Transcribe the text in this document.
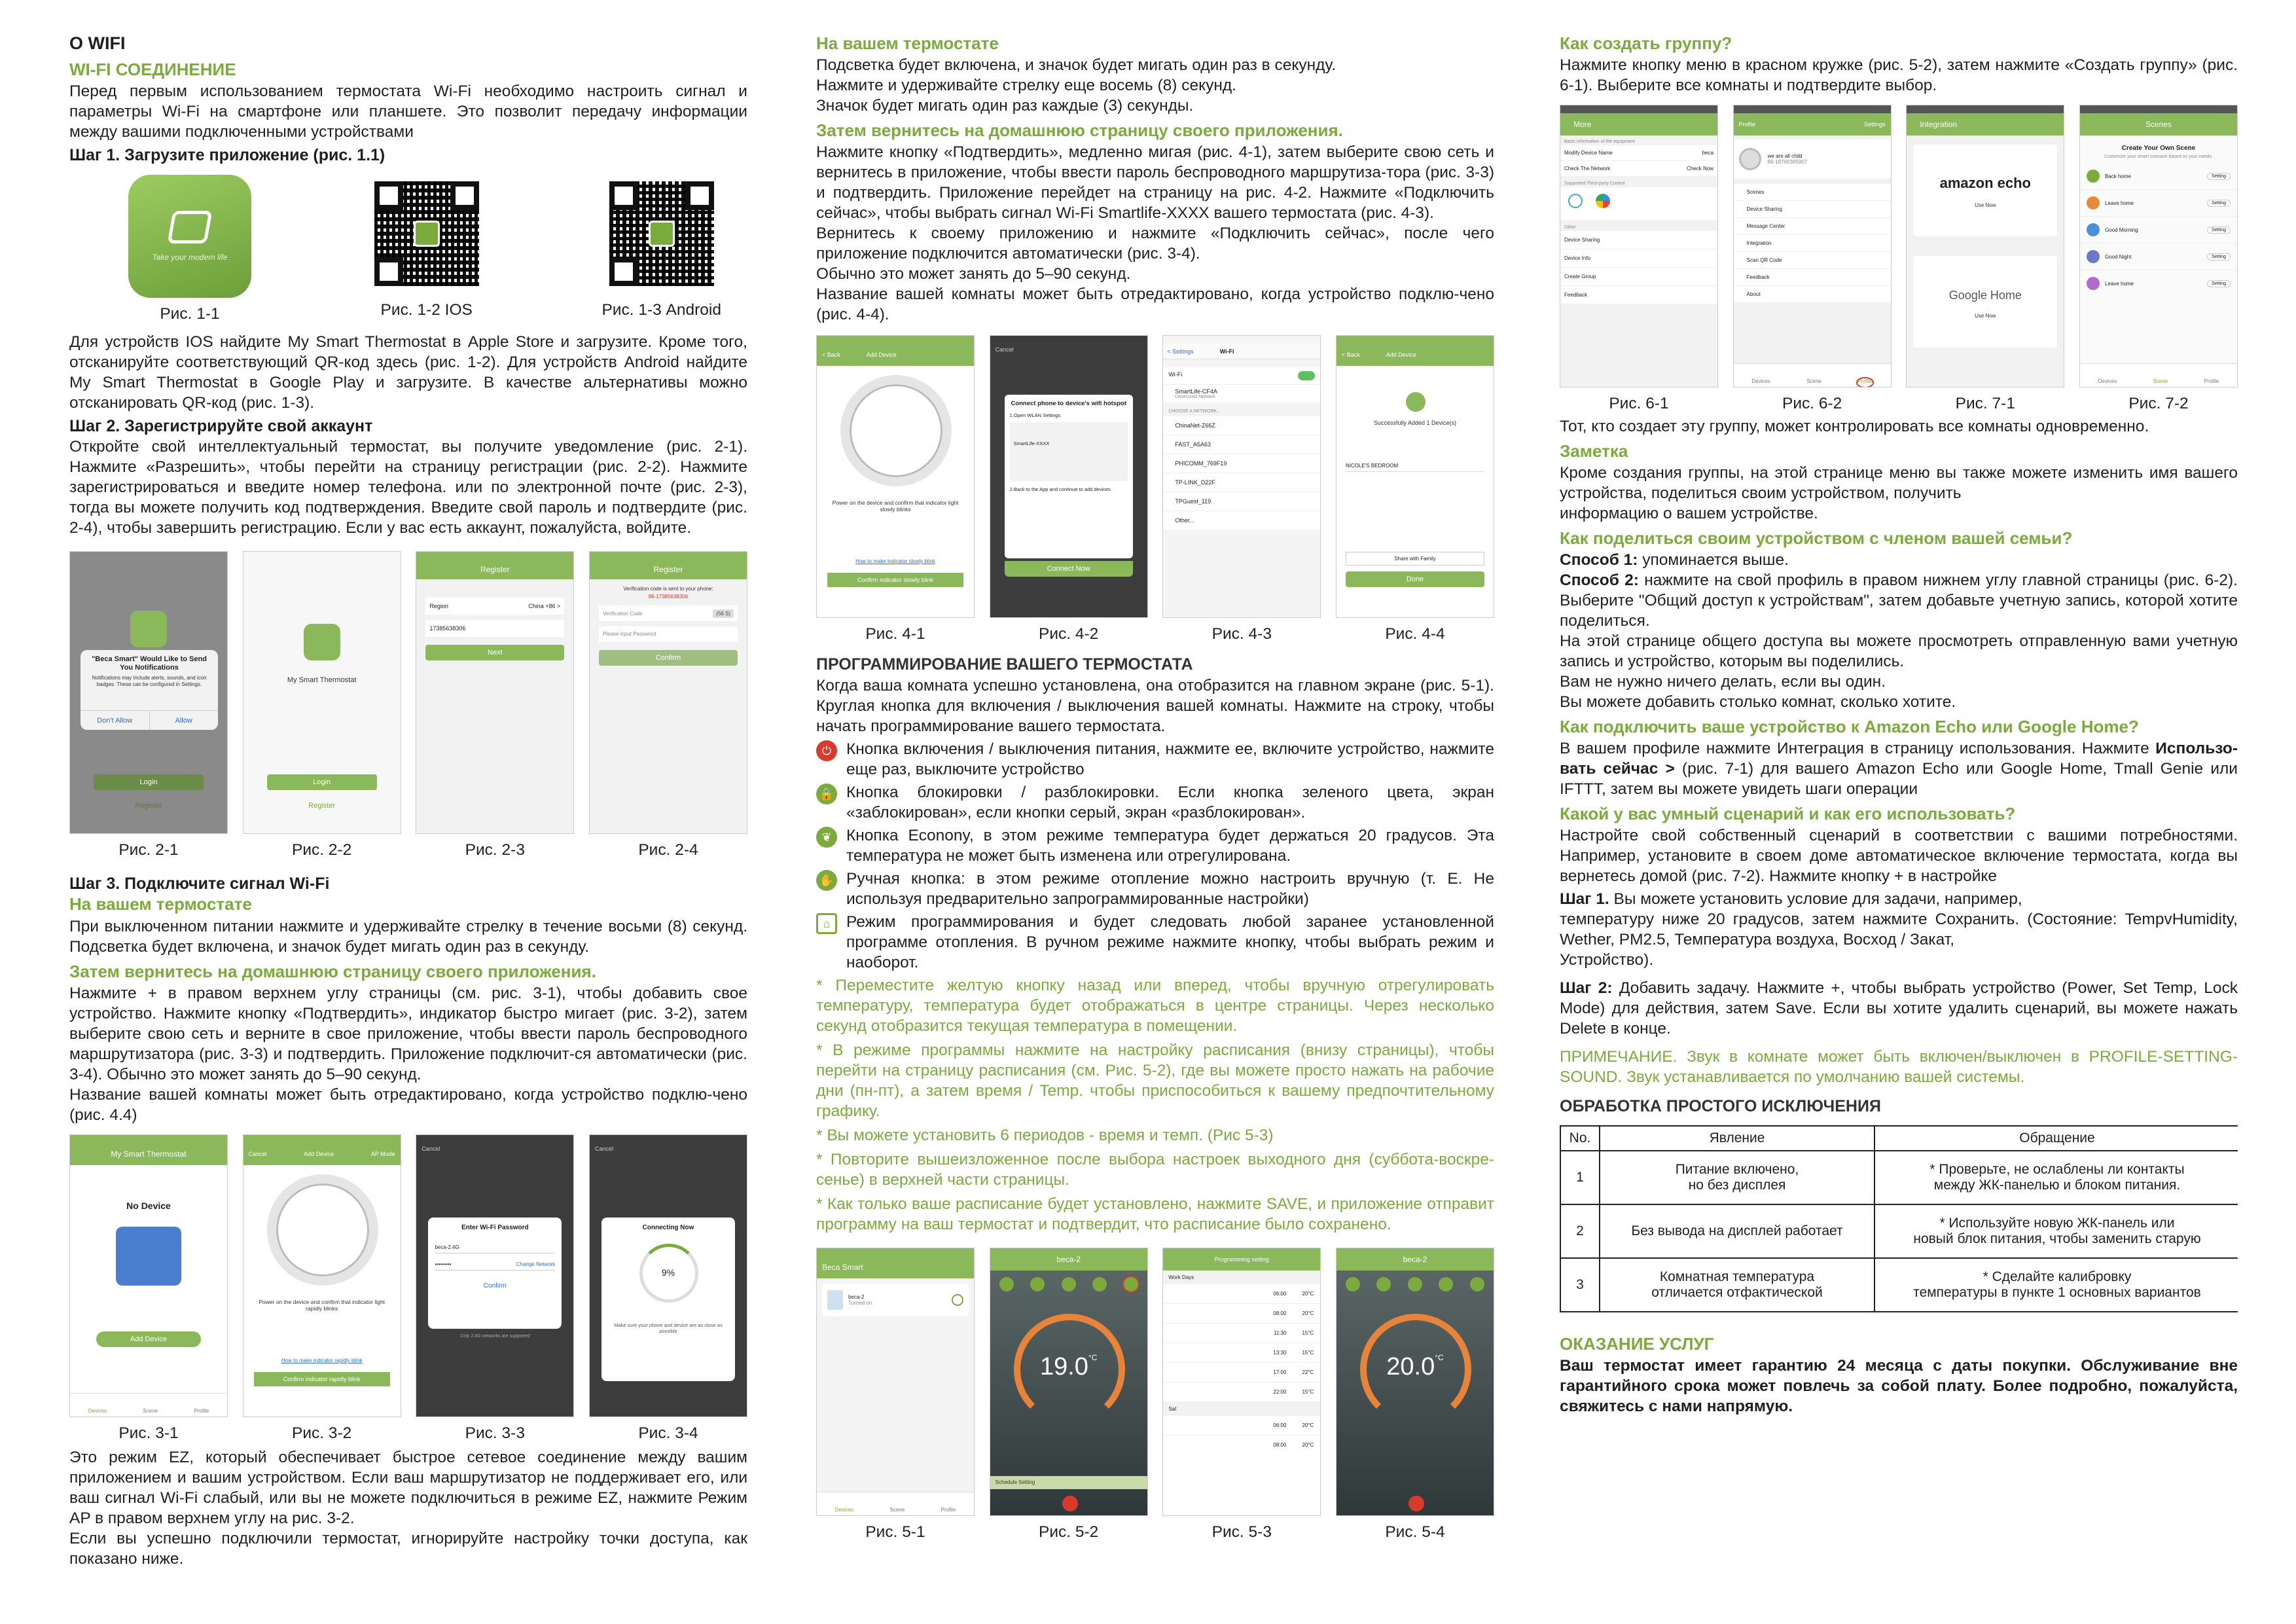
О WIFI
WI-FI СОЕДИНЕНИЕ
Перед первым использованием термостата Wi-Fi необходимо настроить сигнал и параметры Wi-Fi на смартфоне или планшете. Это позволит передачу информации между вашими подключенными устройствами
Шаг 1. Загрузите приложение (рис. 1.1)
Take your modern life
Рис. 1-1	Рис. 1-2 IOS	Рис. 1-3 Android
Для устройств IOS найдите My Smart Thermostat в Apple Store и загрузите. Кроме того, отсканируйте соответствующий QR-код здесь (рис. 1-2). Для устройств Android найдите My Smart Thermostat в Google Play и загрузите. В качестве альтернативы можно отсканировать QR-код (рис. 1-3).
Шаг 2. Зарегистрируйте свой аккаунт
Откройте свой интеллектуальный термостат, вы получите уведомление (рис. 2-1). Нажмите «Разрешить», чтобы перейти на страницу регистрации (рис. 2-2). Нажмите зарегистрироваться и введите номер телефона. или по электронной почте (рис. 2-3), тогда вы можете получить код подтверждения. Введите свой пароль и подтвердите (рис. 2-4), чтобы завершить регистрацию. Если у вас есть аккаунт, пожалуйста, войдите.
"Beca Smart" Would Like to Send You Notifications
Notifications may include alerts, sounds, and icon badges. These can be configured in Settings.
Don't Allow	Allow
Login
Register
Рис. 2-1
My Smart Thermostat
Login
Register
Рис. 2-2
Register
Region	China +86 >
17385638306
Next
Рис. 2-3
Register
Verification code is sent to your phone:
86-17385638306
Verification Code	(56 S)
Please input Password
Confirm
Рис. 2-4
Шаг 3. Подключите сигнал Wi-Fi
На вашем термостате
При выключенном питании нажмите и удерживайте стрелку в течение восьми (8) секунд. Подсветка будет включена, и значок будет мигать один раз в секунду.
Затем вернитесь на домашнюю страницу своего приложения.
Нажмите + в правом верхнем углу страницы (см. рис. 3-1), чтобы добавить свое устройство. Нажмите кнопку «Подтвердить», индикатор быстро мигает (рис. 3-2), затем выберите свою сеть и верните в свое приложение, чтобы ввести пароль беспроводного маршрутизатора (рис. 3-3) и подтвердить. Приложение подключит-ся автоматически (рис. 3-4). Обычно это может занять до 5–90 секунд.
Название вашей комнаты может быть отредактировано, когда устройство подклю-чено (рис. 4.4)
My Smart Thermostat
No Device
Add Device
Devices	Scene	Profile
Рис. 3-1
Cancel	Add Device	AP Mode
Power on the device and confirm that indicator light rapidly blinks
How to make indicator rapidly blink
Confirm indicator rapidly blink
Рис. 3-2
Cancel
Enter Wi-Fi Password
beca-2.4G
•••••••••	Change Network
Confirm
Only 2.4G networks are supported
Рис. 3-3
Cancel
Connecting Now
9%
Make sure your phone and device are as close as possible
Рис. 3-4
Это режим EZ, который обеспечивает быстрое сетевое соединение между вашим приложением и вашим устройством. Если ваш маршрутизатор не поддерживает его, или ваш сигнал Wi-Fi слабый, или вы не можете подключиться в режиме EZ, нажмите Режим AP в правом верхнем углу на рис. 3-2.
Если вы успешно подключили термостат, игнорируйте настройку точки доступа, как показано ниже.
На вашем термостате
Подсветка будет включена, и значок будет мигать один раз в секунду.
Нажмите и удерживайте стрелку еще восемь (8) секунд.
Значок будет мигать один раз каждые (3) секунды.
Затем вернитесь на домашнюю страницу своего приложения.
Нажмите кнопку «Подтвердить», медленно мигая (рис. 4-1), затем выберите свою сеть и вернитесь в приложение, чтобы ввести пароль беспроводного маршрутиза-тора (рис. 3-3) и подтвердить. Приложение перейдет на страницу на рис. 4-2. Нажмите «Подключить сейчас», чтобы выбрать сигнал Wi-Fi Smartlife-XXXX вашего термостата (рис. 4-3).
Вернитесь к своему приложению и нажмите «Подключить сейчас», после чего приложение подключится автоматически (рис. 3-4).
Обычно это может занять до 5–90 секунд.
Название вашей комнаты может быть отредактировано, когда устройство подклю-чено (рис. 4-4).
< Back	Add Device
Power on the device and confirm that indicator light slowly blinks
How to make indicator slowly blink
Confirm indicator slowly blink
Рис. 4-1
Cancel
Connect phone to device's wifi hotspot
1.Open WLAN Settings
SmartLife-XXXX
2.Back to the App and continue to add devices
Connect Now
Рис. 4-2
< Settings	Wi-Fi
Wi-Fi
SmartLife-CF4A
Unsecured Network
CHOOSE A NETWORK...
ChinaNet-Z66Z
FAST_A5A63
PHICOMM_769F19
TP-LINK_D22F
TPGuest_119
Other...
Рис. 4-3
< Back	Add Device
Successfully Added 1 Device(s)
NICOLE'S BEDROOM
Share with Family
Done
Рис. 4-4
ПРОГРАММИРОВАНИЕ ВАШЕГО ТЕРМОСТАТА
Когда ваша комната успешно установлена, она отобразится на главном экране (рис. 5-1). Круглая кнопка для включения / выключения вашей комнаты. Нажмите на строку, чтобы начать программирование вашего термостата.
⏻ Кнопка включения / выключения питания, нажмите ее, включите устройство, нажмите еще раз, выключите устройство
🔒 Кнопка блокировки / разблокировки. Если кнопка зеленого цвета, экран «заблокирован», если кнопки серый, экран «разблокирован».
❦ Кнопка Econony, в этом режиме температура будет держаться 20 градусов. Эта температура не может быть изменена или отрегулирована.
✋ Ручная кнопка: в этом режиме отопление можно настроить вручную (т. Е. Не используя предварительно запрограммированные настройки)
⌂	Режим программирования и будет следовать любой заранее установленной программе отопления. В ручном режиме нажмите кнопку, чтобы выбрать режим и наоборот.
* Переместите желтую кнопку назад или вперед, чтобы вручную отрегулировать температуру, температура будет отображаться в центре страницы. Через несколько секунд отобразится текущая температура в помещении.
* В режиме программы нажмите на настройку расписания (внизу страницы), чтобы перейти на страницу расписания (см. Рис. 5-2), где вы можете просто нажать на рабочие дни (пн-пт), а затем время / Temp. чтобы приспособиться к вашему предпочтительному графику.
* Вы можете установить 6 периодов - время и темп. (Рис 5-3)
* Повторите вышеизложенное после выбора настроек выходного дня (суббота-воскре-сенье) в верхней части страницы.
* Как только ваше расписание будет установлено, нажмите SAVE, и приложение отправит программу на ваш термостат и подтвердит, что расписание было сохранено.
Beca Smart
beca-2
Turned on
Devices	Scene	Profile
Рис. 5-1
beca-2
$19.0^{^\circ C}$
Schedule Setting
Рис. 5-2
Programming setting
Work Days
06:00	20°C
08:00	20°C
11:30	15°C
13:30	15°C
17:00	22°C
22:00	15°C
Sat
06:00	20°C
08:00	20°C
Рис. 5-3
beca-2
$20.0^{^\circ C}$
Рис. 5-4
Как создать группу?
Нажмите кнопку меню в красном кружке (рис. 5-2), затем нажмите «Создать группу» (рис. 6-1). Выберите все комнаты и подтвердите выбор.
More
Basic information of the equipment
Modify Device Name	beca
Check The Network	Check Now
Supported Third-party Control
Other
Device Sharing
Device Info
Create Group
Feedback
Рис. 6-1
Profile	Settings
we are all child
86-18760385907
Scenes
Device Sharing
Message Center
Integration
Scan QR Code
Feedback
About
Devices	Scene	Profile
Рис. 6-2
Integration
amazon echo
Use Now
Google Home
Use Now
Рис. 7-1
Scenes
Create Your Own Scene
Customize your smart scenario based on your needs.
Back home	Setting
Leave home	Setting
Good Morning	Setting
Good Night	Setting
Leave home	Setting
Devices	Scene	Profile
Рис. 7-2
Тот, кто создает эту группу, может контролировать все комнаты одновременно.
Заметка
Кроме создания группы, на этой странице меню вы также можете изменить имя вашего устройства, поделиться своим устройством, получить
информацию о вашем устройстве.
Как поделиться своим устройством с членом вашей семьи?
Способ 1: упоминается выше.
Способ 2: нажмите на свой профиль в правом нижнем углу главной страницы (рис. 6-2). Выберите "Общий доступ к устройствам", затем добавьте учетную запись, которой хотите поделиться.
На этой странице общего доступа вы можете просмотреть отправленную вами учетную запись и устройство, которым вы поделились.
Вам не нужно ничего делать, если вы один.
Вы можете добавить столько комнат, сколько хотите.
Как подключить ваше устройство к Amazon Echo или Google Home?
В вашем профиле нажмите Интеграция в страницу использования. Нажмите Использо-вать сейчас > (рис. 7-1) для вашего Amazon Echo или Google Home, Tmall Genie или IFTTT, затем вы можете увидеть шаги операции
Какой у вас умный сценарий и как его использовать?
Настройте свой собственный сценарий в соответствии с вашими потребностями. Например, установите в своем доме автоматическое включение термостата, когда вы вернетесь домой (рис. 7-2). Нажмите кнопку + в настройке
Шаг 1. Вы можете установить условие для задачи, например,
температуру ниже 20 градусов, затем нажмите Сохранить. (Состояние: TempvHumidity, Wether, PM2.5, Температура воздуха, Восход / Закат,
Устройство).
Шаг 2: Добавить задачу. Нажмите +, чтобы выбрать устройство (Power, Set Temp, Lock Mode) для действия, затем Save. Если вы хотите удалить сценарий, вы можете нажать Delete в конце.
ПРИМЕЧАНИЕ. Звук в комнате может быть включен/выключен в PROFILE-SETTING-SOUND. Звук устанавливается по умолчанию вашей системы.
ОБРАБОТКА ПРОСТОГО ИСКЛЮЧЕНИЯ
No.	Явление	Обращение
1	Питание включено,
но без дисплея	* Проверьте, не ослаблены ли контакты
между ЖК-панелью и блоком питания.
2	Без вывода на дисплей работает	* Используйте новую ЖК-панель или
новый блок питания, чтобы заменить старую
3	Комнатная температура
отличается отфактической	* Сделайте калибровку
температуры в пункте 1 основных вариантов
ОКАЗАНИЕ УСЛУГ
Ваш термостат имеет гарантию 24 месяца с даты покупки. Обслуживание вне гарантийного срока может повлечь за собой плату. Более подробно, пожалуйста, свяжитесь с нами напрямую.
